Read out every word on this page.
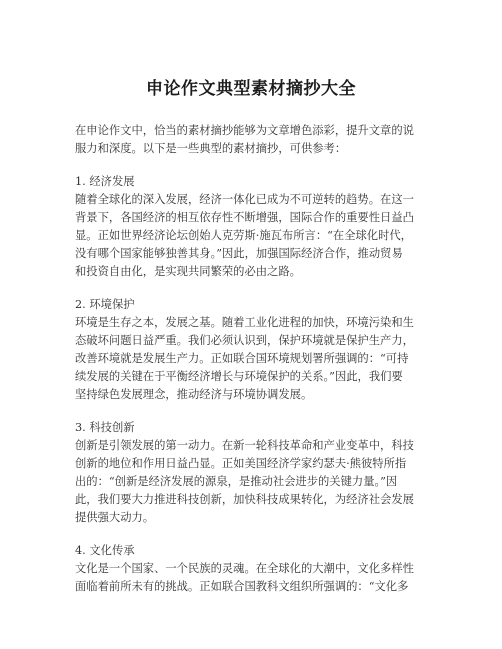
申论作文典型素材摘抄大全
在申论作文中，恰当的素材摘抄能够为文章增色添彩，提升文章的说
服力和深度。以下是一些典型的素材摘抄，可供参考：
1. 经济发展
随着全球化的深入发展，经济一体化已成为不可逆转的趋势。在这一
背景下，各国经济的相互依存性不断增强，国际合作的重要性日益凸
显。正如世界经济论坛创始人克劳斯·施瓦布所言：“在全球化时代，
没有哪个国家能够独善其身。”因此，加强国际经济合作，推动贸易
和投资自由化，是实现共同繁荣的必由之路。
2. 环境保护
环境是生存之本，发展之基。随着工业化进程的加快，环境污染和生
态破坏问题日益严重。我们必须认识到，保护环境就是保护生产力，
改善环境就是发展生产力。正如联合国环境规划署所强调的：“可持
续发展的关键在于平衡经济增长与环境保护的关系。”因此，我们要
坚持绿色发展理念，推动经济与环境协调发展。
3. 科技创新
创新是引领发展的第一动力。在新一轮科技革命和产业变革中，科技
创新的地位和作用日益凸显。正如美国经济学家约瑟夫·熊彼特所指
出的：“创新是经济发展的源泉，是推动社会进步的关键力量。”因
此，我们要大力推进科技创新，加快科技成果转化，为经济社会发展
提供强大动力。
4. 文化传承
文化是一个国家、一个民族的灵魂。在全球化的大潮中，文化多样性
面临着前所未有的挑战。正如联合国教科文组织所强调的：“文化多
